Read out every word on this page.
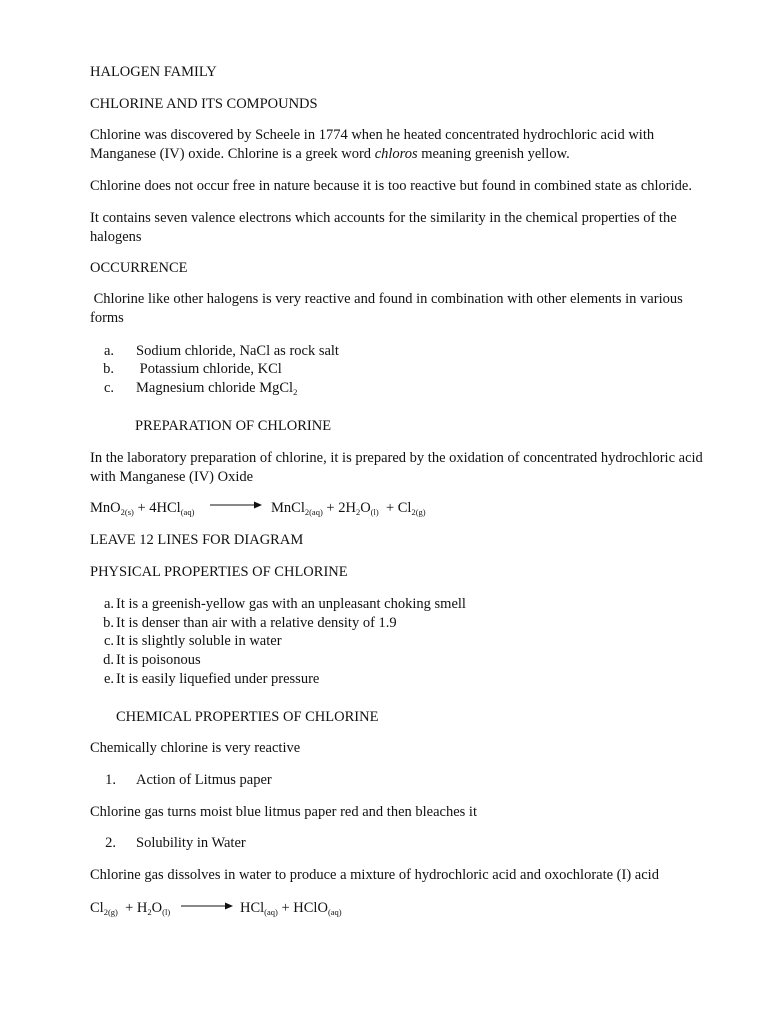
HALOGEN FAMILY
CHLORINE AND ITS COMPOUNDS
Chlorine was discovered by Scheele in 1774 when he heated concentrated hydrochloric acid with
Manganese (IV) oxide. Chlorine is a greek word chloros meaning greenish yellow.
Chlorine does not occur free in nature because it is too reactive but found in combined state as chloride.
It contains seven valence electrons which accounts for the similarity in the chemical properties of the
halogens
OCCURRENCE
Chlorine like other halogens is very reactive and found in combination with other elements in various
forms
a. Sodium chloride, NaCl as rock salt
b. Potassium chloride, KCl
c. Magnesium chloride MgCl$_2$
PREPARATION OF CHLORINE
In the laboratory preparation of chlorine, it is prepared by the oxidation of concentrated hydrochloric acid
with Manganese (IV) Oxide
MnO$_{2(s)}$ + 4HCl$_{(aq)}$ → MnCl$_{2(aq)}$ + $2H_2O_{(l)} + Cl_{2(g)}$
LEAVE 12 LINES FOR DIAGRAM
PHYSICAL PROPERTIES OF CHLORINE
a. It is a greenish-yellow gas with an unpleasant choking smell
b. It is denser than air with a relative density of 1.9
c. It is slightly soluble in water
d. It is poisonous
e. It is easily liquefied under pressure
CHEMICAL PROPERTIES OF CHLORINE
Chemically chlorine is very reactive
1. Action of Litmus paper
Chlorine gas turns moist blue litmus paper red and then bleaches it
2. Solubility in Water
Chlorine gas dissolves in water to produce a mixture of hydrochloric acid and oxochlorate (I) acid
$Cl_{2(g)} + H_2O_{(l)} \to HCl_{(aq)}$ + HClO$_{(aq)}$
